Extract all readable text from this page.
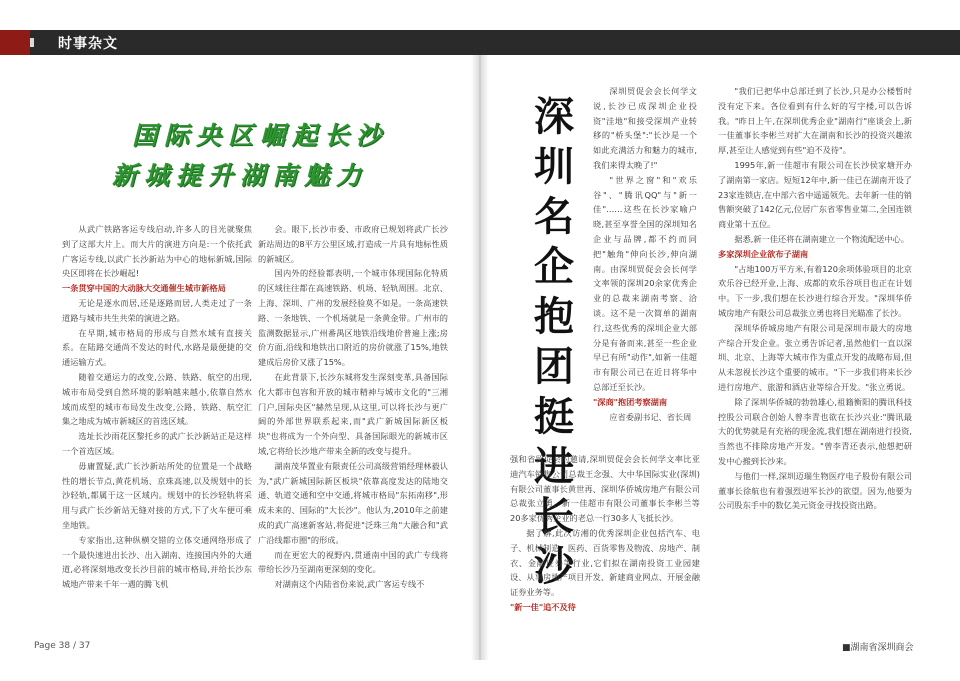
时事杂文
国际央区崛起长沙
新城提升湖南魅力

从武广铁路客运专线启动,许多人的目光就聚焦到了这部大片上。而大片的演进方向是:一个依托武广客运专线,以武广长沙新站为中心的地标新城,国际央区即将在长沙崛起!

一条贯穿中国的大动脉大交通催生城市新格局

无论是逐水而居,还是逐路而居,人类走过了一条道路与城市共生共荣的演进之路。

在早期,城市格局的形成与自然水域有直接关系。在陆路交通尚不发达的时代,水路是最便捷的交通运输方式。

随着交通运力的改变,公路、铁路、航空的出现,城市布局受到自然环境的影响越来越小,依靠自然水域而成型的城市布局发生改变,公路、铁路、航空汇集之地成为城市新城区的首选区域。

选址长沙雨花区黎托乡的武广长沙新站正是这样一个首选区域。

毋庸置疑,武广长沙新站所处的位置是一个战略性的增长节点,黄花机场、京珠高速,以及规划中的长沙轻轨,都属于这一区域内。规划中的长沙轻轨将采用与武广长沙新站无缝对接的方式,下了火车便可乘坐地铁。

专家指出,这种纵横交错的立体交通网络形成了一个最快速进出长沙、出入湖南、连接国内外的大通道,必将深刻地改变长沙目前的城市格局,并给长沙东城地产带来千年一遇的腾飞机

会。眼下,长沙市委、市政府已规划将武广长沙新站周边的8平方公里区域,打造成一片具有地标性质的新城区。

国内外的经验都表明,一个城市体现国际化特质的区域往往都在高速铁路、机场、轻轨周围。北京、上海、深圳、广州的发展经验莫不如是。一条高速铁路、一条地铁、一个机场就是一条黄金带。广州市的监测数据显示,广州番禺区地铁沿线地价普遍上涨;房价方面,沿线和地铁出口附近的房价就涨了15%,地铁建成后房价又涨了15%。

在此背景下,长沙东城将发生深刻变革,具备国际化大都市包容和开放的城市精神与城市文化的"三湘门户,国际央区"赫然呈现,从这里,可以将长沙与更广阔的外部世界联系起来,而"武广新城国际新区板块"也将成为一个外向型、具备国际眼光的新城市区域,它将给长沙地产带来全新的改变与提升。

湖南茂华置业有限责任公司高级营销经理林毅认为,"武广新城国际新区板块"依靠高度发达的陆地交通、轨道交通和空中交通,将城市格局"东拓南移",形成未来的、国际的"大长沙"。他认为,2010年之前建成的武广高速新客站,将促进"泛珠三角"大融合和"武广沿线都市圈"的形成。

而在更宏大的视野内,贯通南中国的武广专线将带给长沙乃至湖南更深刻的变化。

对湖南这个内陆省份来说,武广客运专线不

深圳名企抱团挺进长沙

深圳贸促会会长何学文说,长沙已成深圳企业投资"洼地"和接受深圳产业转移的"桥头堡":"长沙是一个如此充满活力和魅力的城市,我们来得太晚了!"

"世界之窗"和"欢乐谷"、"腾讯QQ"与"新一佳"……这些在长沙家喻户晓,甚至享誉全国的深圳知名企业与品牌,都不约而同把"触角"伸向长沙,伸向湖南。由深圳贸促会会长何学文率领的深圳20余家优秀企业的总裁来湖南考察、洽谈。这不是一次简单的湖南行,这些优秀的深圳企业大部分是有备而来,甚至一些企业早已有所"动作",如新一佳超市有限公司已在近日将华中总部迁至长沙。

"深商"抱团考察湖南

应省委副书记、省长周

强和省贸促会的邀请,深圳贸促会会长何学文率比亚迪汽车销售公司总裁王念强、大中华国际实业(深圳)有限公司董事长黄世再、深圳华侨城房地产有限公司总裁张立勇、新一佳超市有限公司董事长李彬兰等20多家优秀企业的老总一行30多人飞抵长沙。

据了解,此次访湘的优秀深圳企业包括汽车、电子、机械制造、医药、百货零售及物流、房地产、制衣、金融证券等行业,它们拟在湖南投资工业园建设、从事房地产项目开发、新建商业网点、开展金融证券业务等。

"新一佳"追不及待

"我们已把华中总部迁到了长沙,只是办公楼暂时没有定下来。各位看到有什么好的写字楼,可以告诉我。"昨日上午,在深圳优秀企业"湖南行"座谈会上,新一佳董事长李彬兰对扩大在湖南和长沙的投资兴趣浓厚,甚至让人感觉到有些"迫不及待"。

1995年,新一佳超市有限公司在长沙侯家塘开办了湖南第一家店。短短12年中,新一佳已在湖南开设了23家连锁店,在中部六省中遥遥领先。去年新一佳的销售额突破了142亿元,位居广东省零售业第二,全国连锁商业第十五位。

据悉,新一佳还将在湖南建立一个物流配送中心。

多家深圳企业欲布子湖南

"占地100万平方米,有着120余项体验项目的北京欢乐谷已经开业,上海、成都的欢乐谷项目也正在计划中。下一步,我们想在长沙进行综合开发。"深圳华侨城房地产有限公司总裁张立勇也将目光瞄准了长沙。

深圳华侨城房地产有限公司是深圳市最大的房地产综合开发企业。张立勇告诉记者,虽然他们一直以深圳、北京、上海等大城市作为重点开发的战略布局,但从未忽视长沙这个重要的城市。"下一步我们将来长沙进行房地产、旅游和酒店业等综合开发。"张立勇说。

除了深圳华侨城的勃勃雄心,祖籍衡阳的腾讯科技控股公司联合创始人曾李青也欲在长沙兴业:"腾讯最大的优势就是有充裕的现金流,我们想在湖南进行投资,当然也不排除房地产开发。"曾李青还表示,他想把研发中心搬到长沙来。

与他们一样,深圳迈瑞生物医疗电子股份有限公司董事长徐航也有着强烈进军长沙的欲望。因为,他要为公司股东手中的数亿美元资金寻找投资出路。

Page 38 / 37	■湖南省深圳商会
